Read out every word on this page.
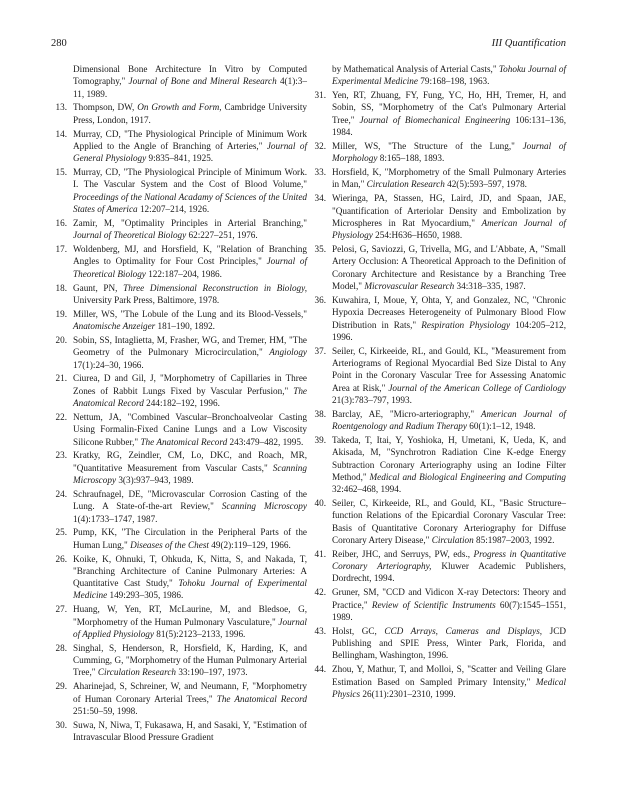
280	III Quantification
Dimensional Bone Architecture In Vitro by Computed Tomography," Journal of Bone and Mineral Research 4(1):3–11, 1989.
13. Thompson, DW, On Growth and Form, Cambridge University Press, London, 1917.
14. Murray, CD, "The Physiological Principle of Minimum Work Applied to the Angle of Branching of Arteries," Journal of General Physiology 9:835–841, 1925.
15. Murray, CD, "The Physiological Principle of Minimum Work. I. The Vascular System and the Cost of Blood Volume," Proceedings of the National Acadamy of Sciences of the United States of America 12:207–214, 1926.
16. Zamir, M, "Optimality Principles in Arterial Branching," Journal of Theoretical Biology 62:227–251, 1976.
17. Woldenberg, MJ, and Horsfield, K, "Relation of Branching Angles to Optimality for Four Cost Principles," Journal of Theoretical Biology 122:187–204, 1986.
18. Gaunt, PN, Three Dimensional Reconstruction in Biology, University Park Press, Baltimore, 1978.
19. Miller, WS, "The Lobule of the Lung and its Blood-Vessels," Anatomische Anzeiger 181–190, 1892.
20. Sobin, SS, Intaglietta, M, Frasher, WG, and Tremer, HM, "The Geometry of the Pulmonary Microcirculation," Angiology 17(1):24–30, 1966.
21. Ciurea, D and Gil, J, "Morphometry of Capillaries in Three Zones of Rabbit Lungs Fixed by Vascular Perfusion," The Anatomical Record 244:182–192, 1996.
22. Nettum, JA, "Combined Vascular–Bronchoalveolar Casting Using Formalin-Fixed Canine Lungs and a Low Viscosity Silicone Rubber," The Anatomical Record 243:479–482, 1995.
23. Kratky, RG, Zeindler, CM, Lo, DKC, and Roach, MR, "Quantitative Measurement from Vascular Casts," Scanning Microscopy 3(3):937–943, 1989.
24. Schraufnagel, DE, "Microvascular Corrosion Casting of the Lung. A State-of-the-art Review," Scanning Microscopy 1(4):1733–1747, 1987.
25. Pump, KK, "The Circulation in the Peripheral Parts of the Human Lung," Diseases of the Chest 49(2):119–129, 1966.
26. Koike, K, Ohnuki, T, Ohkuda, K, Nitta, S, and Nakada, T, "Branching Architecture of Canine Pulmonary Arteries: A Quantitative Cast Study," Tohoku Journal of Experimental Medicine 149:293–305, 1986.
27. Huang, W, Yen, RT, McLaurine, M, and Bledsoe, G, "Morphometry of the Human Pulmonary Vasculature," Journal of Applied Physiology 81(5):2123–2133, 1996.
28. Singhal, S, Henderson, R, Horsfield, K, Harding, K, and Cumming, G, "Morphometry of the Human Pulmonary Arterial Tree," Circulation Research 33:190–197, 1973.
29. Aharinejad, S, Schreiner, W, and Neumann, F, "Morphometry of Human Coronary Arterial Trees," The Anatomical Record 251:50–59, 1998.
30. Suwa, N, Niwa, T, Fukasawa, H, and Sasaki, Y, "Estimation of Intravascular Blood Pressure Gradient
by Mathematical Analysis of Arterial Casts," Tohoku Journal of Experimental Medicine 79:168–198, 1963.
31. Yen, RT, Zhuang, FY, Fung, YC, Ho, HH, Tremer, H, and Sobin, SS, "Morphometry of the Cat's Pulmonary Arterial Tree," Journal of Biomechanical Engineering 106:131–136, 1984.
32. Miller, WS, "The Structure of the Lung," Journal of Morphology 8:165–188, 1893.
33. Horsfield, K, "Morphometry of the Small Pulmonary Arteries in Man," Circulation Research 42(5):593–597, 1978.
34. Wieringa, PA, Stassen, HG, Laird, JD, and Spaan, JAE, "Quantification of Arteriolar Density and Embolization by Microspheres in Rat Myocardium," American Journal of Physiology 254:H636–H650, 1988.
35. Pelosi, G, Saviozzi, G, Trivella, MG, and L'Abbate, A, "Small Artery Occlusion: A Theoretical Approach to the Definition of Coronary Architecture and Resistance by a Branching Tree Model," Microvascular Research 34:318–335, 1987.
36. Kuwahira, I, Moue, Y, Ohta, Y, and Gonzalez, NC, "Chronic Hypoxia Decreases Heterogeneity of Pulmonary Blood Flow Distribution in Rats," Respiration Physiology 104:205–212, 1996.
37. Seiler, C, Kirkeeide, RL, and Gould, KL, "Measurement from Arteriograms of Regional Myocardial Bed Size Distal to Any Point in the Coronary Vascular Tree for Assessing Anatomic Area at Risk," Journal of the American College of Cardiology 21(3):783–797, 1993.
38. Barclay, AE, "Micro-arteriography," American Journal of Roentgenology and Radium Therapy 60(1):1–12, 1948.
39. Takeda, T, Itai, Y, Yoshioka, H, Umetani, K, Ueda, K, and Akisada, M, "Synchrotron Radiation Cine K-edge Energy Subtraction Coronary Arteriography using an Iodine Filter Method," Medical and Biological Engineering and Computing 32:462–468, 1994.
40. Seiler, C, Kirkeeide, RL, and Gould, KL, "Basic Structure–function Relations of the Epicardial Coronary Vascular Tree: Basis of Quantitative Coronary Arteriography for Diffuse Coronary Artery Disease," Circulation 85:1987–2003, 1992.
41. Reiber, JHC, and Serruys, PW, eds., Progress in Quantitative Coronary Arteriography, Kluwer Academic Publishers, Dordrecht, 1994.
42. Gruner, SM, "CCD and Vidicon X-ray Detectors: Theory and Practice," Review of Scientific Instruments 60(7):1545–1551, 1989.
43. Holst, GC, CCD Arrays, Cameras and Displays, JCD Publishing and SPIE Press, Winter Park, Florida, and Bellingham, Washington, 1996.
44. Zhou, Y, Mathur, T, and Molloi, S, "Scatter and Veiling Glare Estimation Based on Sampled Primary Intensity," Medical Physics 26(11):2301–2310, 1999.
